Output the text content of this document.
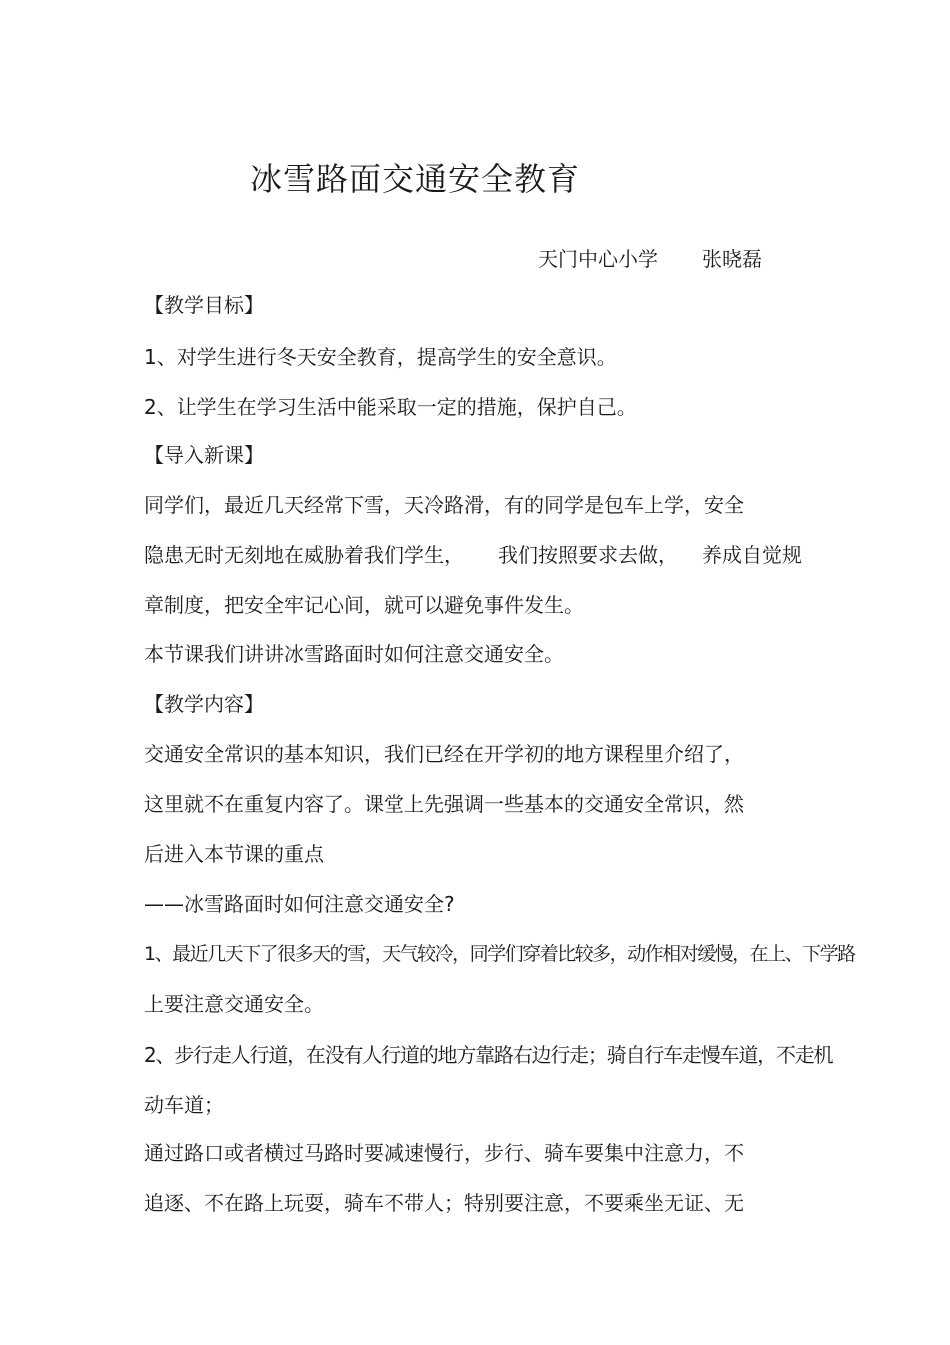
冰雪路面交通安全教育
天门中心小学 张晓磊
【教学目标】
1、对学生进行冬天安全教育，提高学生的安全意识。
2、让学生在学习生活中能采取一定的措施，保护自己。
【导入新课】
同学们，最近几天经常下雪，天冷路滑，有的同学是包车上学，安全
隐患无时无刻地在威胁着我们学生， 我们按照要求去做， 养成自觉规
章制度，把安全牢记心间，就可以避免事件发生。
本节课我们讲讲冰雪路面时如何注意交通安全。
【教学内容】
交通安全常识的基本知识，我们已经在开学初的地方课程里介绍了，
这里就不在重复内容了。课堂上先强调一些基本的交通安全常识，然
后进入本节课的重点
——冰雪路面时如何注意交通安全?
1、最近几天下了很多天的雪，天气较冷，同学们穿着比较多，动作相对缓慢，在上、下学路
上要注意交通安全。
2、步行走人行道，在没有人行道的地方靠路右边行走；骑自行车走慢车道，不走机
动车道；
通过路口或者横过马路时要减速慢行，步行、骑车要集中注意力，不
追逐、不在路上玩耍，骑车不带人；特别要注意，不要乘坐无证、无
